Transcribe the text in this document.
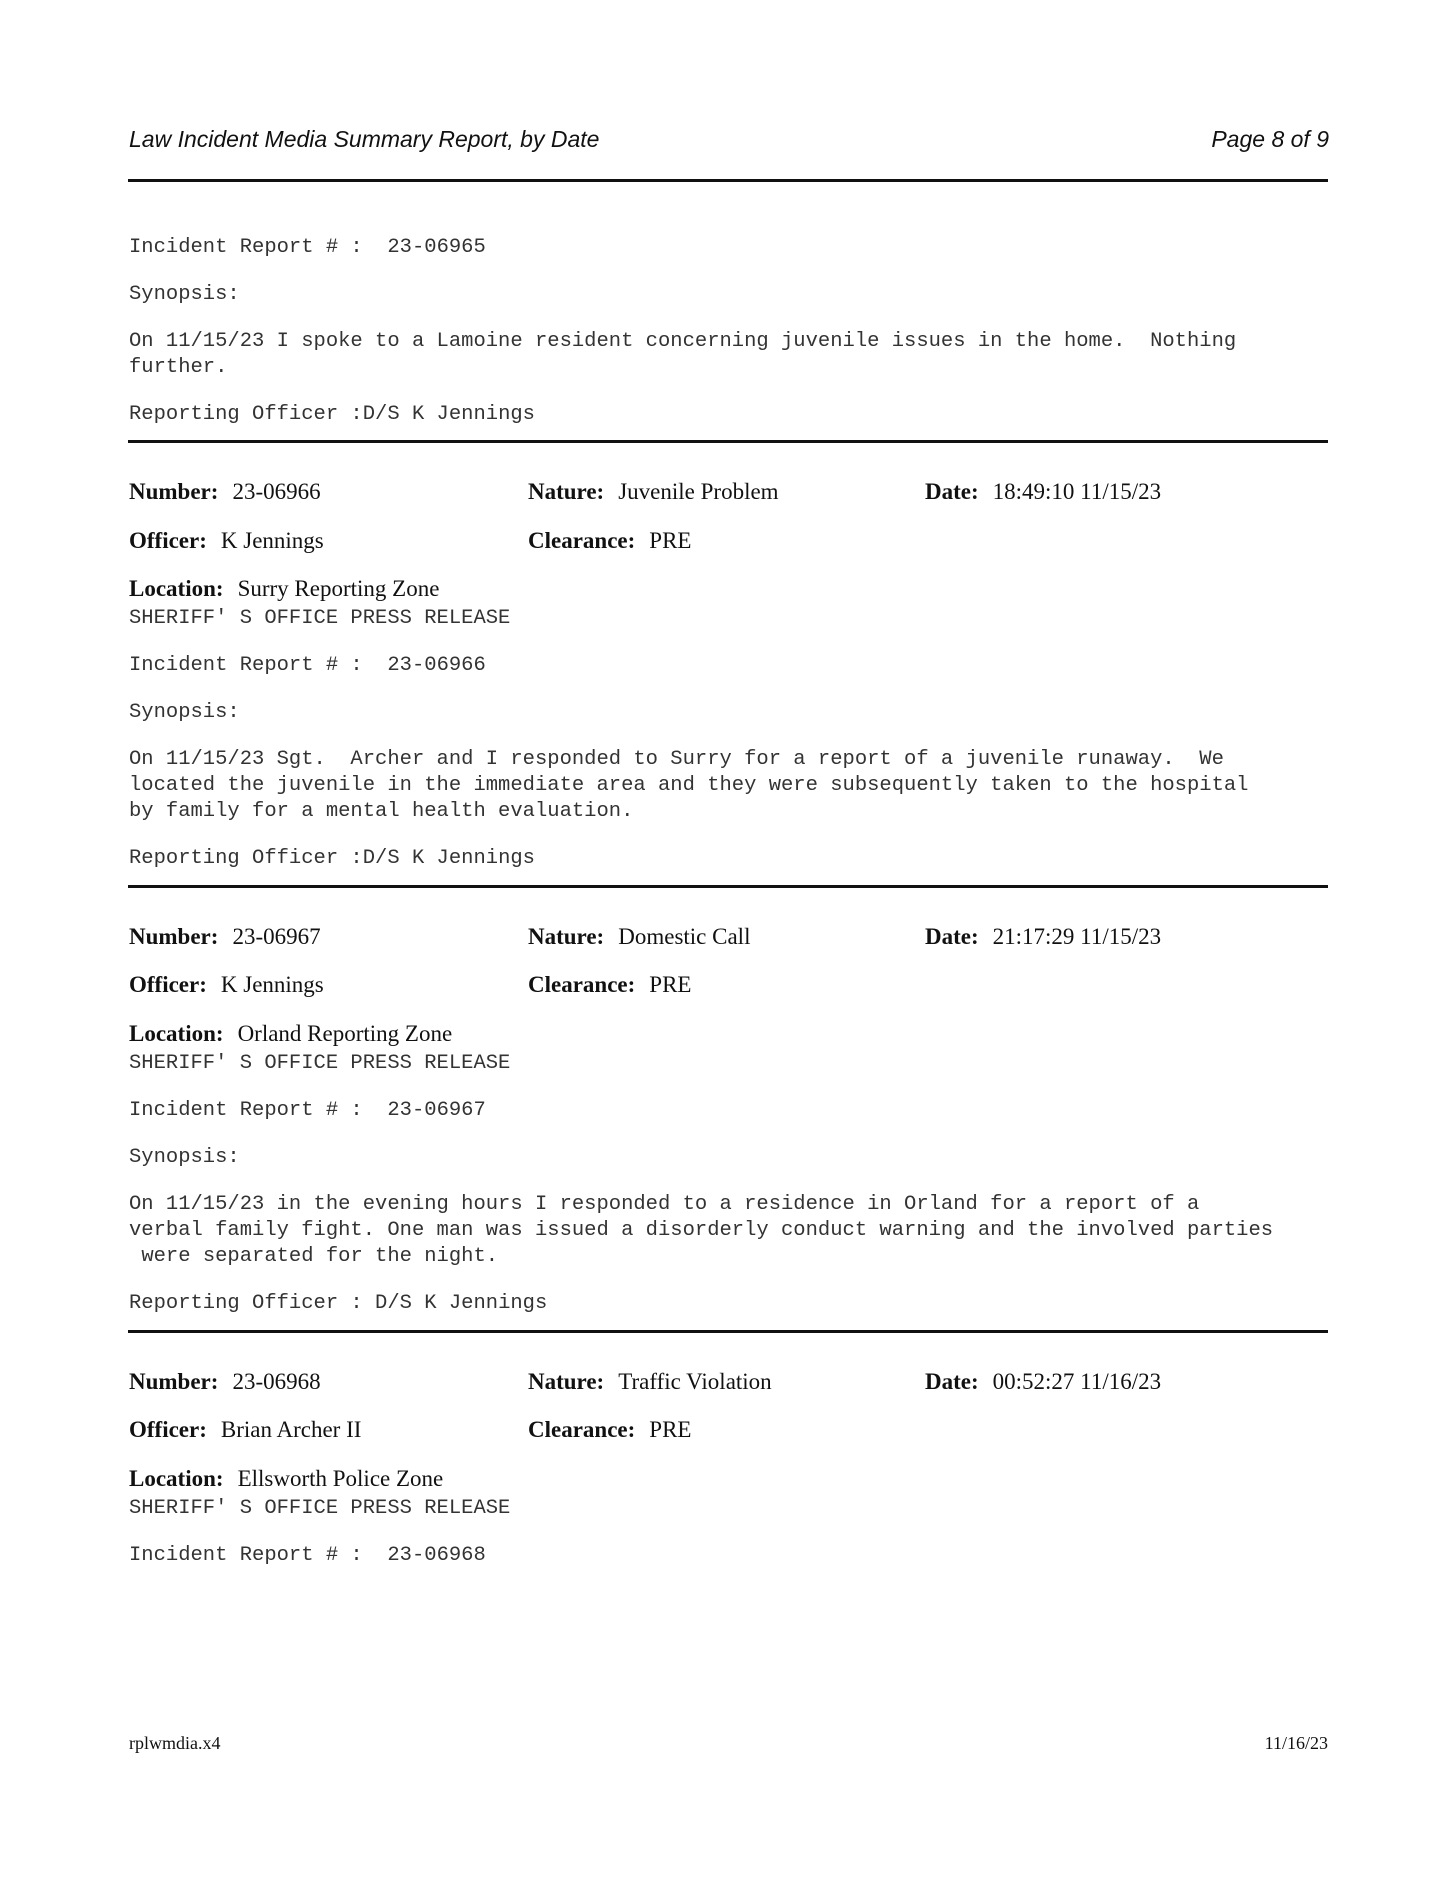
Law Incident Media Summary Report, by Date	Page 8 of 9
Incident Report # : 23-06965
Synopsis:
On 11/15/23 I spoke to a Lamoine resident concerning juvenile issues in the home.  Nothing
further.
Reporting Officer :D/S K Jennings
Number: 23-06966	Nature: Juvenile Problem	Date: 18:49:10 11/15/23
Officer: K Jennings	Clearance: PRE
Location: Surry Reporting Zone
SHERIFF' S OFFICE PRESS RELEASE
Incident Report # : 23-06966
Synopsis:
On 11/15/23 Sgt.  Archer and I responded to Surry for a report of a juvenile runaway.  We
located the juvenile in the immediate area and they were subsequently taken to the hospital
by family for a mental health evaluation.
Reporting Officer :D/S K Jennings
Number: 23-06967	Nature: Domestic Call	Date: 21:17:29 11/15/23
Officer: K Jennings	Clearance: PRE
Location: Orland Reporting Zone
SHERIFF' S OFFICE PRESS RELEASE
Incident Report # : 23-06967
Synopsis:
On 11/15/23 in the evening hours I responded to a residence in Orland for a report of a
verbal family fight. One man was issued a disorderly conduct warning and the involved parties
were separated for the night.
Reporting Officer : D/S K Jennings
Number: 23-06968	Nature: Traffic Violation	Date: 00:52:27 11/16/23
Officer: Brian Archer II	Clearance: PRE
Location: Ellsworth Police Zone
SHERIFF' S OFFICE PRESS RELEASE
Incident Report # : 23-06968
rplwmdia.x4	11/16/23
